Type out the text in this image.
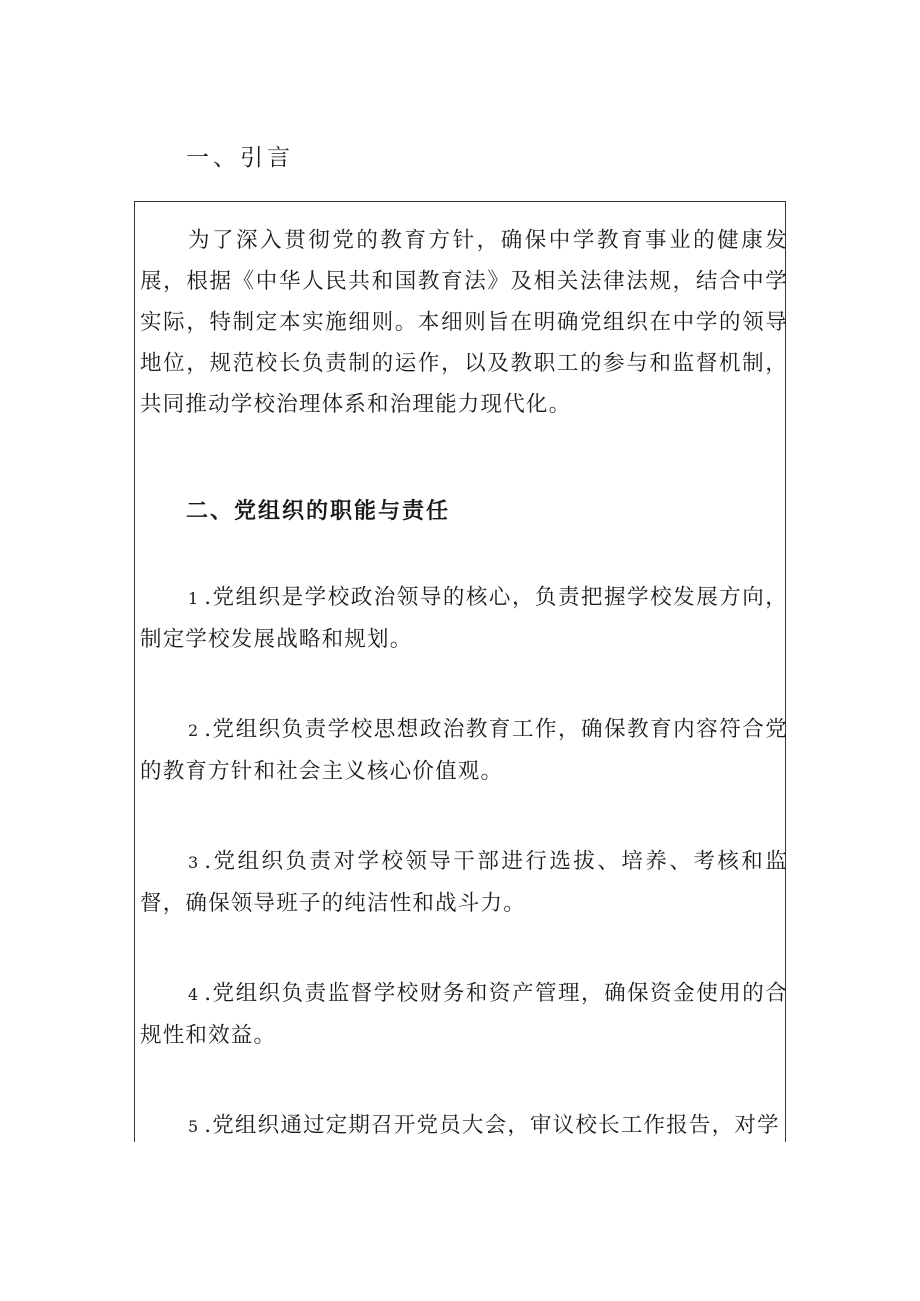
一、引言

为了深入贯彻党的教育方针，确保中学教育事业的健康发展，根据《中华人民共和国教育法》及相关法律法规，结合中学实际，特制定本实施细则。本细则旨在明确党组织在中学的领导地位，规范校长负责制的运作，以及教职工的参与和监督机制，共同推动学校治理体系和治理能力现代化。

二、党组织的职能与责任

1 .党组织是学校政治领导的核心，负责把握学校发展方向，制定学校发展战略和规划。

2 .党组织负责学校思想政治教育工作，确保教育内容符合党的教育方针和社会主义核心价值观。

3 .党组织负责对学校领导干部进行选拔、培养、考核和监督，确保领导班子的纯洁性和战斗力。

4 .党组织负责监督学校财务和资产管理，确保资金使用的合规性和效益。

5 .党组织通过定期召开党员大会，审议校长工作报告，对学
